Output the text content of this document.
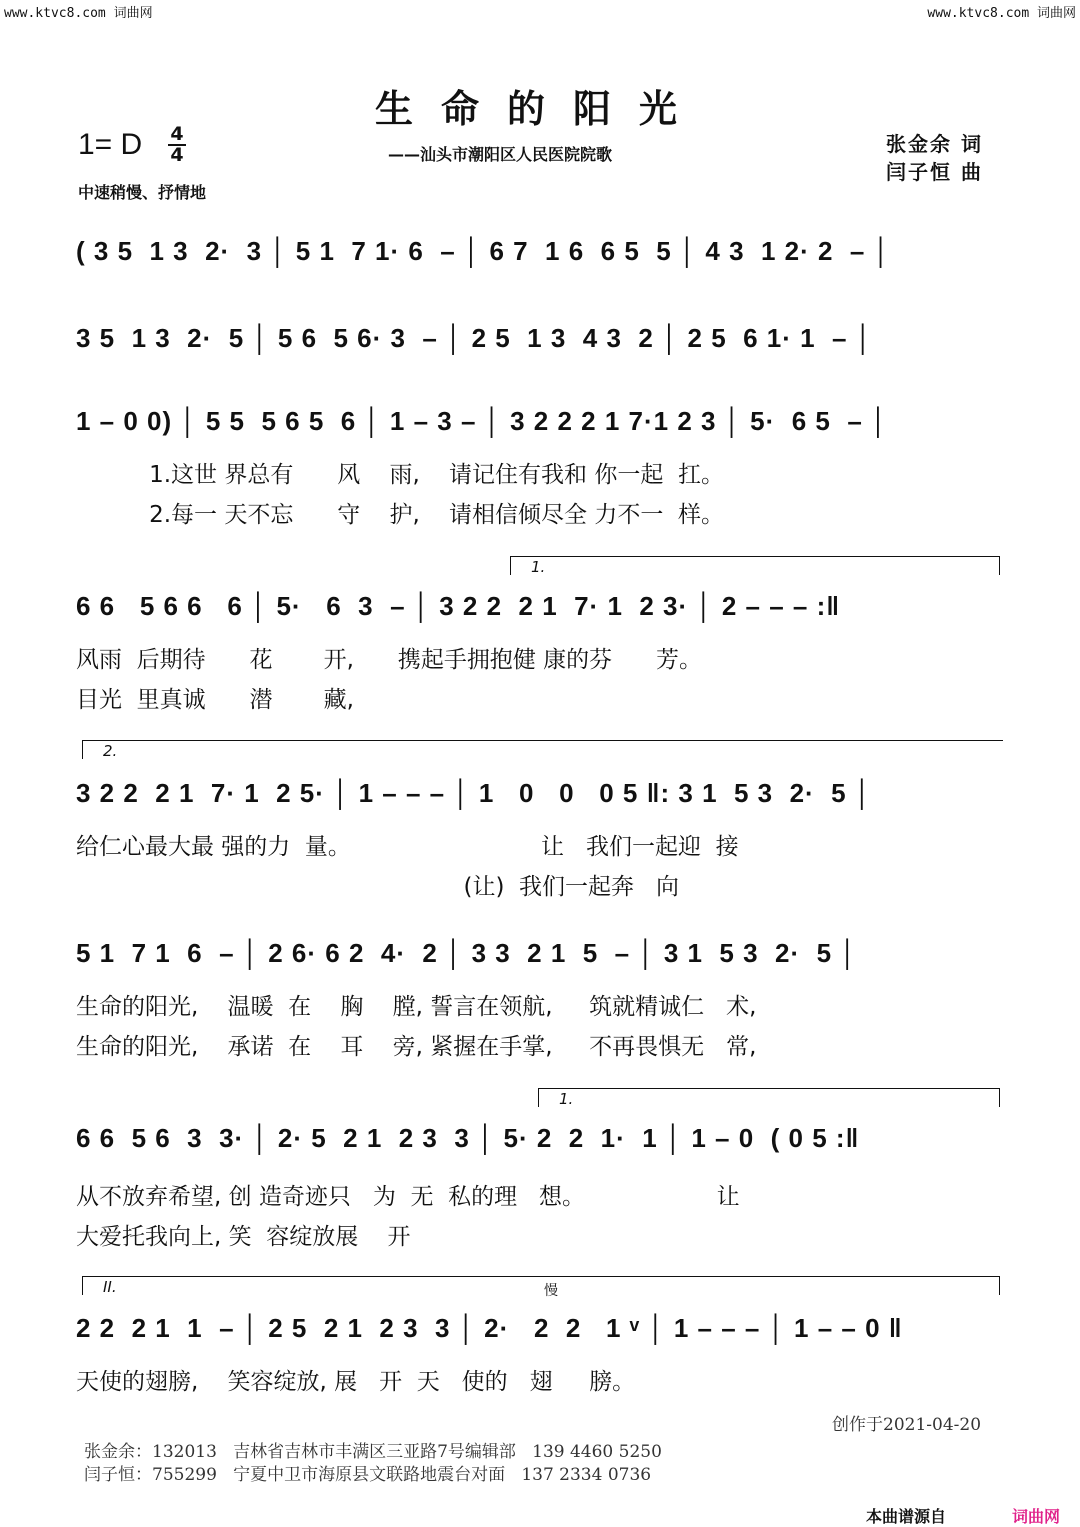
www.ktvc8.com 词曲网	www.ktvc8.com 词曲网
生命的阳光
——汕头市潮阳区人民医院院歌
1= D 4
4
中速稍慢、抒情地
张金余 词
闫子恒 曲
( 3 5  1 3  2·  3 │ 5 1  7 1· 6  – │ 6 7  1 6  6 5  5 │ 4 3  1 2· 2  – │
3 5  1 3  2·  5 │ 5 6  5 6· 3  – │ 2 5  1 3  4 3  2 │ 2 5  6 1· 1  – │
1 – 0 0) │ 5 5  5 6 5  6 │ 1 – 3 – │ 3 2 2 2 1 7·1 2 3 │ 5·  6 5  – │
1.这世 界总有      风    雨,    请记住有我和 你一起  扛。
2.每一 天不忘      守    护,    请相信倾尽全 力不一  样。
1.
6 6   5 6 6   6 │ 5·   6  3  – │ 3 2 2  2 1  7· 1  2 3· │ 2 – – – :‖
风雨  后期待      花       开,      携起手拥抱健 康的芬      芳。
目光  里真诚      潜       藏,
2.
3 2 2  2 1  7· 1  2 5· │ 1 – – – │ 1   0   0   0 5 ‖: 3 1  5 3  2·  5 │
给仁心最大最 强的力  量。                          让   我们一起迎  接
(让)  我们一起奔   向
5 1  7 1  6  – │ 2 6· 6 2  4·  2 │ 3 3  2 1  5  – │ 3 1  5 3  2·  5 │
生命的阳光,    温暖  在    胸    膛, 誓言在领航,     筑就精诚仁   术,
生命的阳光,    承诺  在    耳    旁, 紧握在手掌,     不再畏惧无   常,
1.
6 6  5 6  3  3· │ 2· 5  2 1  2 3  3 │ 5· 2  2  1·  1 │ 1 – 0  ( 0 5 :‖
从不放弃希望, 创 造奇迹只   为  无  私的理   想。                  让
大爱托我向上, 笑  容绽放展    开
II.	慢
2 2  2 1  1  – │ 2 5  2 1  2 3  3 │ 2·   2  2   1 ᵛ │ 1 – – – │ 1 – – 0 ‖
天使的翅膀,    笑容绽放, 展   开  天   使的   翅     膀。
创作于2021-04-20
张金余：132013   吉林省吉林市丰满区三亚路7号编辑部   139 4460 5250
闫子恒：755299   宁夏中卫市海原县文联路地震台对面   137 2334 0736
本曲谱源自	词曲网
